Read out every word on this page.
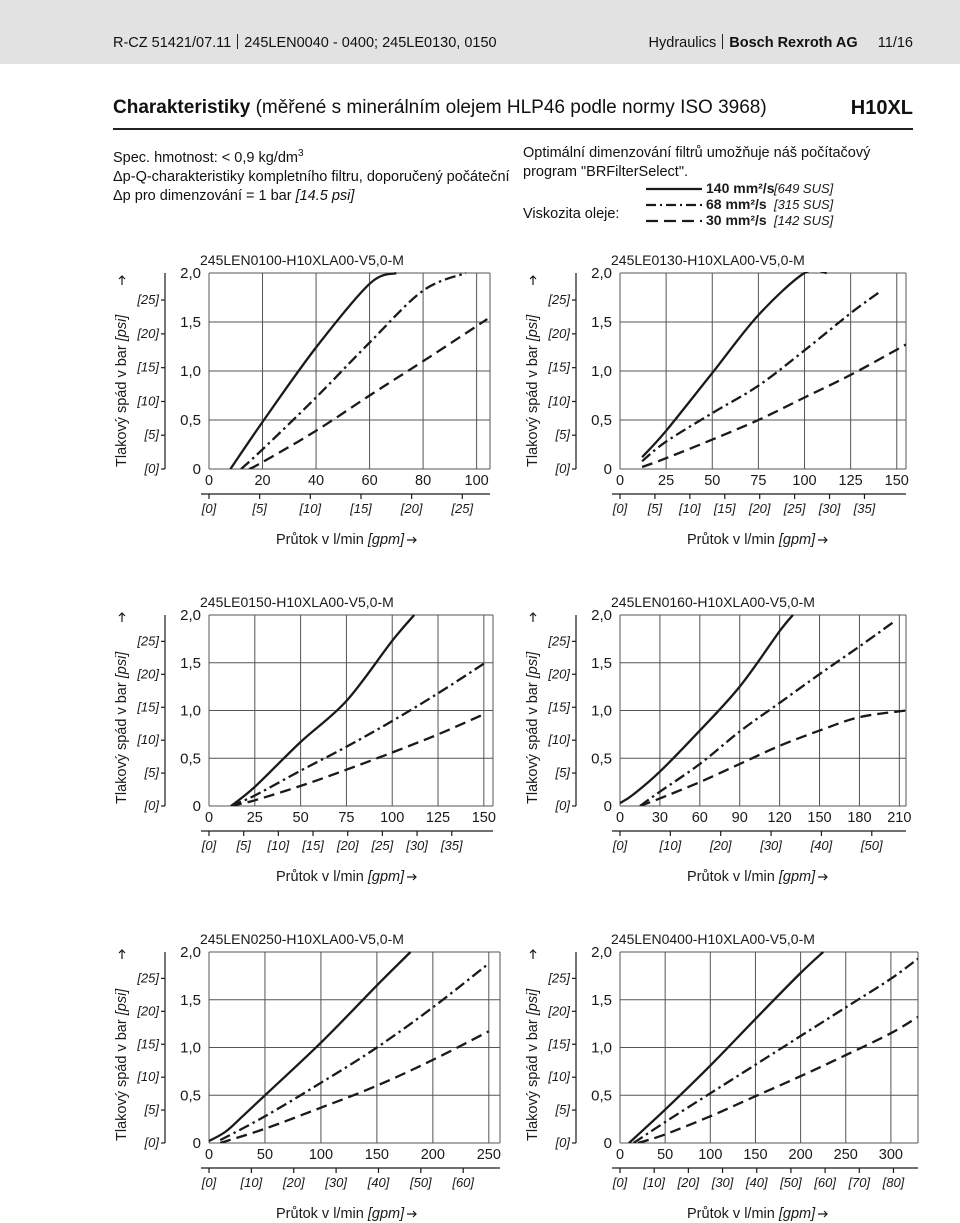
R-CZ 51421/07.11 245LEN0040 - 0400; 245LE0130, 0150	Hydraulics Bosch Rexroth AG 11/16
Charakteristiky (měřené s minerálním olejem HLP46 podle normy ISO 3968)	H10XL
Spec. hmotnost: < 0,9 $kg/dm^3$
Δp-Q-charakteristiky kompletního filtru, doporučený počáteční
Δp pro dimenzování = 1 bar [14.5 psi]
Optimální dimenzování filtrů umožňuje náš počítačový program "BRFilterSelect".
Viskozita oleje:
140 mm²/s [649 SUS]
68 mm²/s [315 SUS]
30 mm²/s [142 SUS]
245LEN0100-H10XLA00-V5,0-M
0
0,5
1,0
1,5
2,0
[0]
[5]
[10]
[15]
[20]
[25]
0	20	40	60	80 100
[0]	[5]	[10] [15] [20] [25]
Průtok v l/min [gpm]
Tlakový spád v bar [psi]
245LE0130-H10XLA00-V5,0-M
0
0,5
1,0
1,5
2,0
[0]
[5]
[10]
[15]
[20]
[25]
0 25 50 75 100 125 150
[0] [5] [10] [15] [20] [25] [30] [35]
Průtok v l/min [gpm]
Tlakový spád v bar [psi]
245LE0150-H10XLA00-V5,0-M
0
0,5
1,0
1,5
2,0
[0]
[5]
[10]
[15]
[20]
[25]
0 25 50 75 100 125 150
[0] [5] [10] [15] [20] [25] [30] [35]
Průtok v l/min [gpm]
Tlakový spád v bar [psi]
245LEN0160-H10XLA00-V5,0-M
0
0,5
1,0
1,5
2,0
[0]
[5]
[10]
[15]
[20]
[25]
0 30 60 90 120 150 180 210
[0] [10] [20] [30] [40] [50]
Průtok v l/min [gpm]
Tlakový spád v bar [psi]
245LEN0250-H10XLA00-V5,0-M
0
0,5
1,0
1,5
2,0
[0]
[5]
[10]
[15]
[20]
[25]
0	50 100 150 200 250
[0] [10] [20] [30] [40] [50] [60]
Průtok v l/min [gpm]
Tlakový spád v bar [psi]
245LEN0400-H10XLA00-V5,0-M
0
0,5
1,0
1,5
2,0
[0]
[5]
[10]
[15]
[20]
[25]
0 50 100 150 200 250 300
[0] [10] [20] [30] [40] [50] [60] [70] [80]
Průtok v l/min [gpm]
Tlakový spád v bar [psi]
